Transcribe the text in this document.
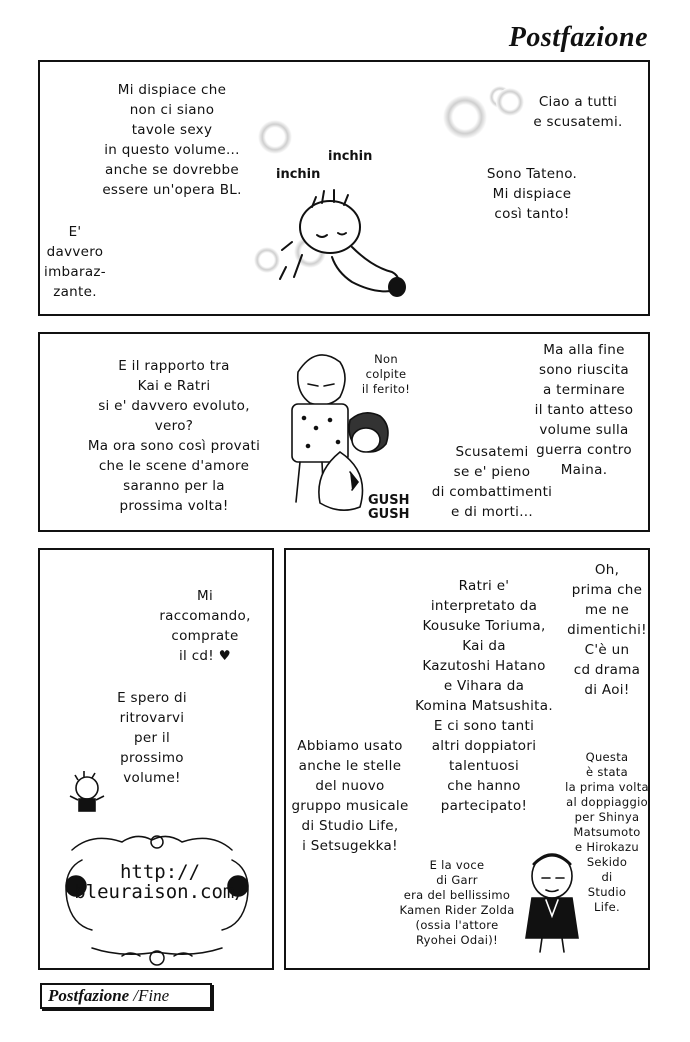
Postfazione
Mi dispiace che
non ci siano
tavole sexy
in questo volume...
anche se dovrebbe
essere un'opera BL.
E'
davvero
imbaraz-
zante.
Ciao a tutti
e scusatemi.
Sono Tateno.
Mi dispiace
così tanto!
inchin
inchin
E il rapporto tra
Kai e Ratri
si e' davvero evoluto,
vero?
Ma ora sono così provati
che le scene d'amore
saranno per la
prossima volta!
Non
colpite
il ferito!
Ma alla fine
sono riuscita
a terminare
il tanto atteso
volume sulla
guerra contro
Maina.
Scusatemi
se e' pieno
di combattimenti
e di morti...
GUSH
GUSH
Mi
raccomando,
comprate
il cd! ♥
E spero di
ritrovarvi
per il
prossimo
volume!
http://
bleuraison.com/
Ratri e'
interpretato da
Kousuke Toriuma,
Kai da
Kazutoshi Hatano
e Vihara da
Komina Matsushita.
E ci sono tanti
altri doppiatori
talentuosi
che hanno
partecipato!
Oh,
prima che
me ne
dimentichi!
C'è un
cd drama
di Aoi!
Abbiamo usato
anche le stelle
del nuovo
gruppo musicale
di Studio Life,
i Setsugekka!
Questa
è stata
la prima volta
al doppiaggio
per Shinya
Matsumoto
e Hirokazu
Sekido
di
Studio
Life.
E la voce
di Garr
era del bellissimo
Kamen Rider Zolda
(ossia l'attore
Ryohei Odai)!
Postfazione /Fine
